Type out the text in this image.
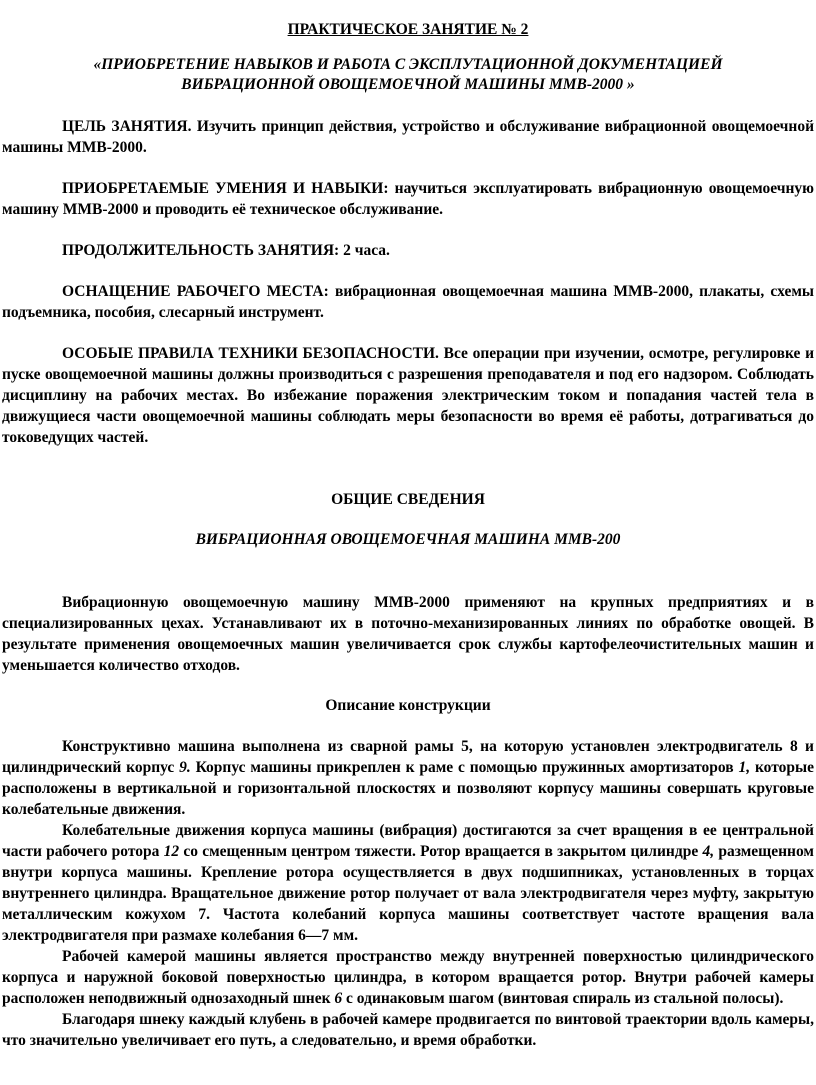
ПРАКТИЧЕСКОЕ ЗАНЯТИЕ № 2
«ПРИОБРЕТЕНИЕ НАВЫКОВ И РАБОТА С ЭКСПЛУТАЦИОННОЙ ДОКУМЕНТАЦИЕЙ ВИБРАЦИОННОЙ ОВОЩЕМОЕЧНОЙ МАШИНЫ ММВ-2000 »

ЦЕЛЬ ЗАНЯТИЯ. Изучить принцип действия, устройство и обслуживание вибрационной овощемоечной машины ММВ-2000.

ПРИОБРЕТАЕМЫЕ УМЕНИЯ И НАВЫКИ: научиться эксплуатировать вибрационную овощемоечную машину ММВ-2000 и проводить её техническое обслуживание.

ПРОДОЛЖИТЕЛЬНОСТЬ ЗАНЯТИЯ: 2 часа.

ОСНАЩЕНИЕ РАБОЧЕГО МЕСТА: вибрационная овощемоечная машина ММВ-2000, плакаты, схемы подъемника, пособия, слесарный инструмент.

ОСОБЫЕ ПРАВИЛА ТЕХНИКИ БЕЗОПАСНОСТИ. Все операции при изучении, осмотре, регулировке и пуске овощемоечной машины должны производиться с разрешения преподавателя и под его надзором. Соблюдать дисциплину на рабочих местах. Во избежание поражения электрическим током и попадания частей тела в движущиеся части овощемоечной машины соблюдать меры безопасности во время её работы, дотрагиваться до токоведущих частей.

ОБЩИЕ СВЕДЕНИЯ
ВИБРАЦИОННАЯ ОВОЩЕМОЕЧНАЯ МАШИНА ММВ-200

Вибрационную овощемоечную машину ММВ-2000 применяют на крупных предприятиях и в специализированных цехах. Устанавливают их в поточно-механизированных линиях по обработке овощей. В результате применения овощемоечных машин увеличивается срок службы картофелеочистительных машин и уменьшается количество отходов.

Описание конструкции

Конструктивно машина выполнена из сварной рамы 5, на которую установлен электродвигатель 8 и цилиндрический корпус 9. Корпус машины прикреплен к раме с помощью пружинных амортизаторов 1, которые расположены в вертикальной и горизонтальной плоскостях и позволяют корпусу машины совершать круговые колебательные движения.

Колебательные движения корпуса машины (вибрация) достигаются за счет вращения в ее центральной части рабочего ротора 12 со смещенным центром тяжести. Ротор вращается в закрытом цилиндре 4, размещенном внутри корпуса машины. Крепление ротора осуществляется в двух подшипниках, установленных в торцах внутреннего цилиндра. Вращательное движение ротор получает от вала электродвигателя через муфту, закрытую металлическим кожухом 7. Частота колебаний корпуса машины соответствует частоте вращения вала электродвигателя при размахе колебания 6—7 мм.

Рабочей камерой машины является пространство между внутренней поверхностью цилиндрического корпуса и наружной боковой поверхностью цилиндра, в котором вращается ротор. Внутри рабочей камеры расположен неподвижный однозаходный шнек 6 с одинаковым шагом (винтовая спираль из стальной полосы).

Благодаря шнеку каждый клубень в рабочей камере продвигается по винтовой траектории вдоль камеры, что значительно увеличивает его путь, а следовательно, и время обработки.
